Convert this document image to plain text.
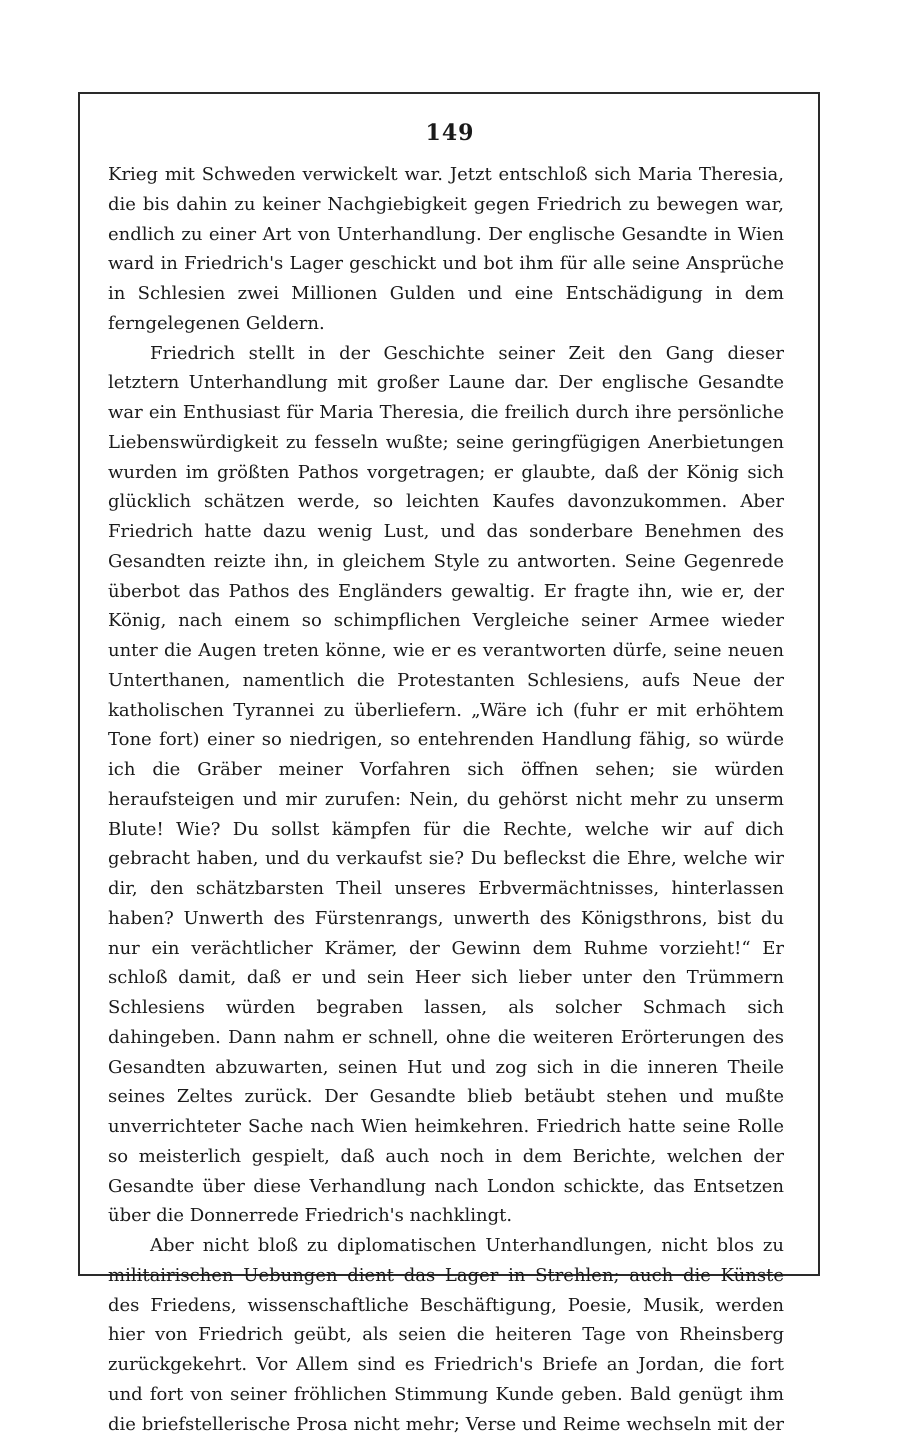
149

Krieg mit Schweden verwickelt war. Jetzt entschloß sich Maria Theresia, die bis dahin zu keiner Nachgiebigkeit gegen Friedrich zu bewegen war, endlich zu einer Art von Unterhandlung. Der englische Gesandte in Wien ward in Friedrich's Lager geschickt und bot ihm für alle seine Ansprüche in Schlesien zwei Millionen Gulden und eine Entschädigung in dem ferngelegenen Geldern.

Friedrich stellt in der Geschichte seiner Zeit den Gang dieser letztern Unterhandlung mit großer Laune dar. Der englische Gesandte war ein Enthusiast für Maria Theresia, die freilich durch ihre persönliche Liebenswürdigkeit zu fesseln wußte; seine geringfügigen Anerbietungen wurden im größten Pathos vorgetragen; er glaubte, daß der König sich glücklich schätzen werde, so leichten Kaufes davonzukommen. Aber Friedrich hatte dazu wenig Lust, und das sonderbare Benehmen des Gesandten reizte ihn, in gleichem Style zu antworten. Seine Gegenrede überbot das Pathos des Engländers gewaltig. Er fragte ihn, wie er, der König, nach einem so schimpflichen Vergleiche seiner Armee wieder unter die Augen treten könne, wie er es verantworten dürfe, seine neuen Unterthanen, namentlich die Protestanten Schlesiens, aufs Neue der katholischen Tyrannei zu überliefern. „Wäre ich (fuhr er mit erhöhtem Tone fort) einer so niedrigen, so entehrenden Handlung fähig, so würde ich die Gräber meiner Vorfahren sich öffnen sehen; sie würden heraufsteigen und mir zurufen: Nein, du gehörst nicht mehr zu unserm Blute! Wie? Du sollst kämpfen für die Rechte, welche wir auf dich gebracht haben, und du verkaufst sie? Du befleckst die Ehre, welche wir dir, den schätzbarsten Theil unseres Erbvermächtnisses, hinterlassen haben? Unwerth des Fürstenrangs, unwerth des Königsthrons, bist du nur ein verächtlicher Krämer, der Gewinn dem Ruhme vorzieht!“ Er schloß damit, daß er und sein Heer sich lieber unter den Trümmern Schlesiens würden begraben lassen, als solcher Schmach sich dahingeben. Dann nahm er schnell, ohne die weiteren Erörterungen des Gesandten abzuwarten, seinen Hut und zog sich in die inneren Theile seines Zeltes zurück. Der Gesandte blieb betäubt stehen und mußte unverrichteter Sache nach Wien heimkehren. Friedrich hatte seine Rolle so meisterlich gespielt, daß auch noch in dem Berichte, welchen der Gesandte über diese Verhandlung nach London schickte, das Entsetzen über die Donnerrede Friedrich's nachklingt.

Aber nicht bloß zu diplomatischen Unterhandlungen, nicht blos zu militairischen Uebungen dient das Lager in Strehlen; auch die Künste des Friedens, wissenschaftliche Beschäftigung, Poesie, Musik, werden hier von Friedrich geübt, als seien die heiteren Tage von Rheinsberg zurückgekehrt. Vor Allem sind es Friedrich's Briefe an Jordan, die fort und fort von seiner fröhlichen Stimmung Kunde geben. Bald genügt ihm die briefstellerische Prosa nicht mehr; Verse und Reime wechseln mit der
